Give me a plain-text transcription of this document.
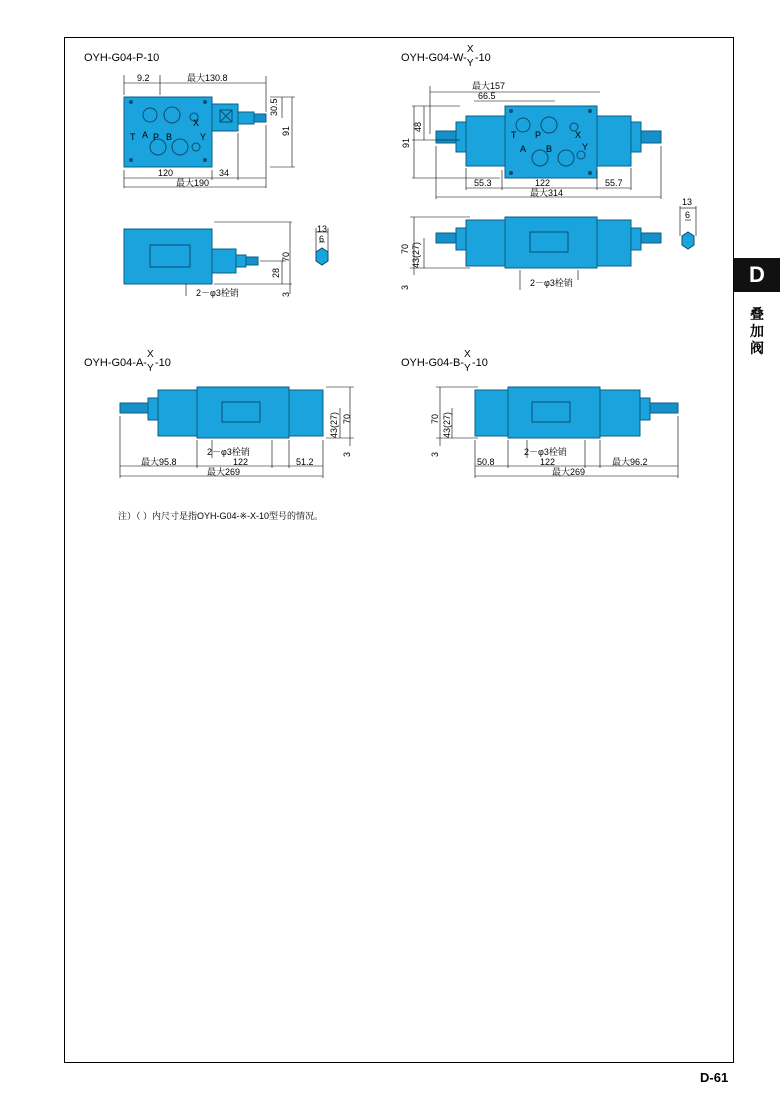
D
叠
加
阀
D-61
OYH-G04-P-10	OYH-G04-W-
X
Y -10
OYH-G04-A-
X
Y -10	OYH-G04-B-
X
Y -10
T P
X
A B	Y	T P	X
A B	Y
9.2	最大130.8
30.5
91
120	34
最大190
70
28
3
2－φ3栓销
13
6
最大157
66.5
48
91
55.3	122	55.7
最大314
13
6
70 43(27)
3	2－φ3栓销
最大95.8
2－φ3栓销
122	51.2
最大269
43(27) 70
3
50.8
2－φ3栓销
122	最大96.2
最大269
70 43(27)
3
注）（ ）内尺寸是指OYH-G04-※-X-10型号的情况。
